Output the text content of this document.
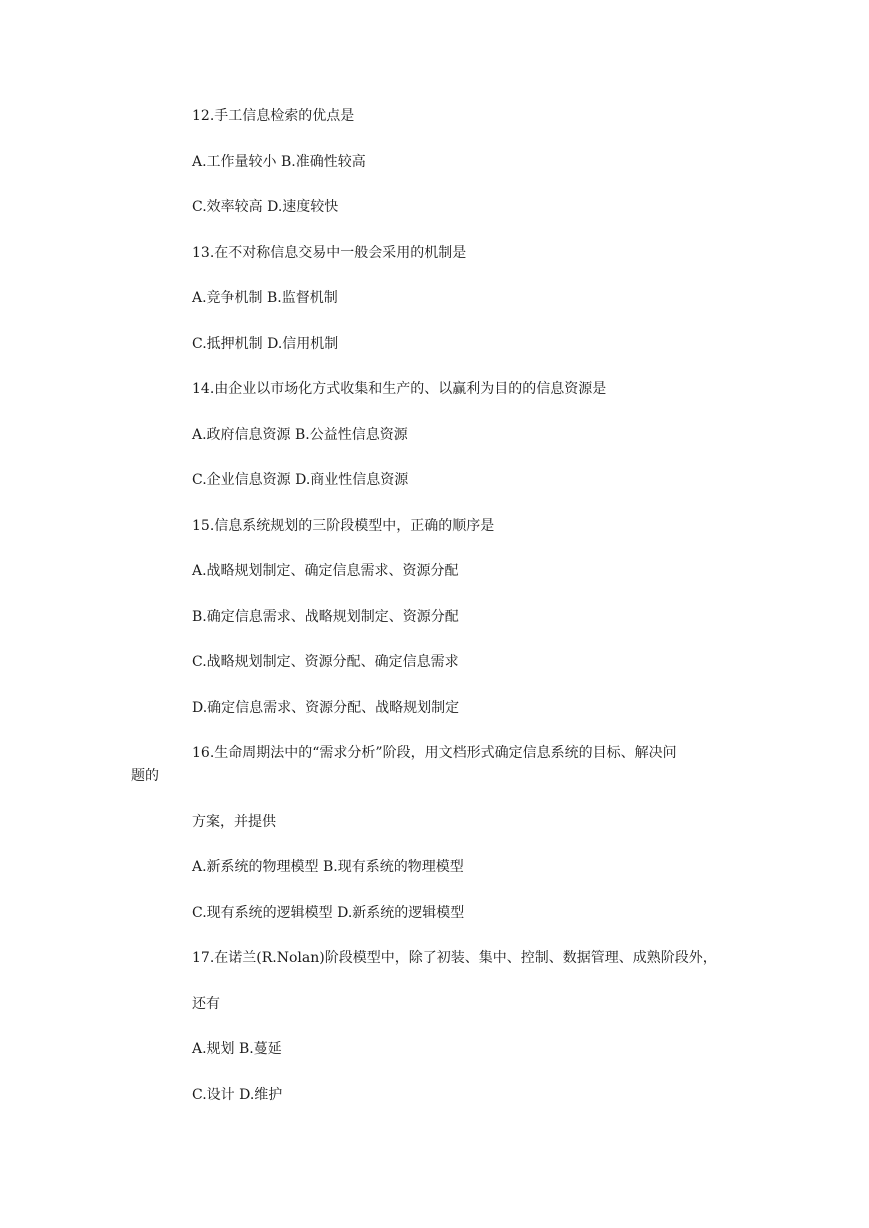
12.手工信息检索的优点是
A.工作量较小 B.准确性较高
C.效率较高 D.速度较快
13.在不对称信息交易中一般会采用的机制是
A.竞争机制 B.监督机制
C.抵押机制 D.信用机制
14.由企业以市场化方式收集和生产的、以赢利为目的的信息资源是
A.政府信息资源 B.公益性信息资源
C.企业信息资源 D.商业性信息资源
15.信息系统规划的三阶段模型中，正确的顺序是
A.战略规划制定、确定信息需求、资源分配
B.确定信息需求、战略规划制定、资源分配
C.战略规划制定、资源分配、确定信息需求
D.确定信息需求、资源分配、战略规划制定
16.生命周期法中的“需求分析”阶段，用文档形式确定信息系统的目标、解决问
题的
方案，并提供
A.新系统的物理模型 B.现有系统的物理模型
C.现有系统的逻辑模型 D.新系统的逻辑模型
17.在诺兰(R.Nolan)阶段模型中，除了初装、集中、控制、数据管理、成熟阶段外，
还有
A.规划 B.蔓延
C.设计 D.维护
